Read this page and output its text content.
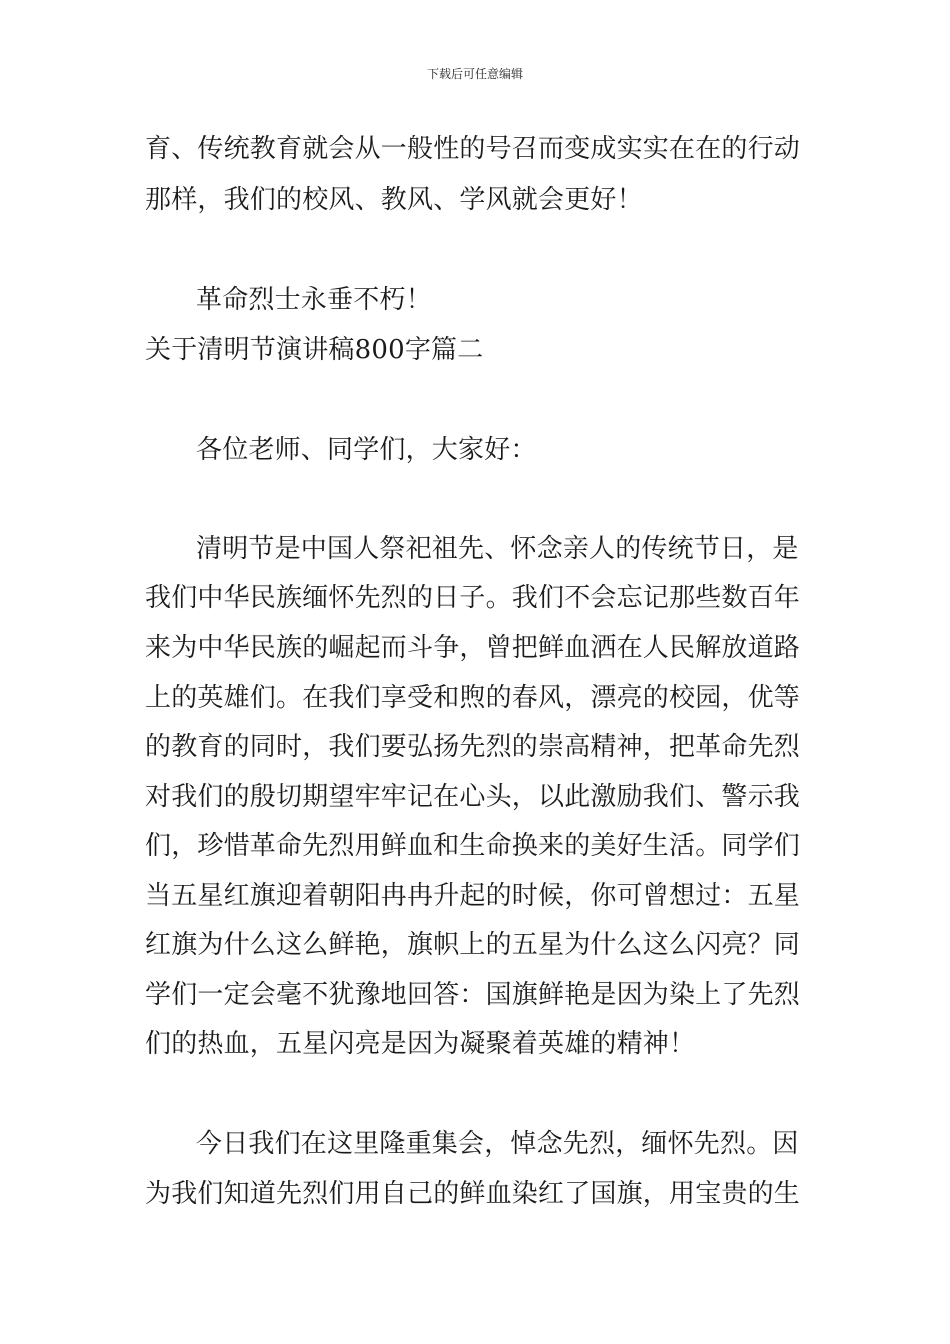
下载后可任意编辑
育、传统教育就会从一般性的号召而变成实实在在的行动
那样，我们的校风、教风、学风就会更好！
革命烈士永垂不朽！
关于清明节演讲稿800字篇二
各位老师、同学们，大家好：
清明节是中国人祭祀祖先、怀念亲人的传统节日，是
我们中华民族缅怀先烈的日子。我们不会忘记那些数百年
来为中华民族的崛起而斗争，曾把鲜血洒在人民解放道路
上的英雄们。在我们享受和煦的春风，漂亮的校园，优等
的教育的同时，我们要弘扬先烈的崇高精神，把革命先烈
对我们的殷切期望牢牢记在心头，以此激励我们、警示我
们，珍惜革命先烈用鲜血和生命换来的美好生活。同学们
当五星红旗迎着朝阳冉冉升起的时候，你可曾想过：五星
红旗为什么这么鲜艳，旗帜上的五星为什么这么闪亮？同
学们一定会毫不犹豫地回答：国旗鲜艳是因为染上了先烈
们的热血，五星闪亮是因为凝聚着英雄的精神！
今日我们在这里隆重集会，悼念先烈，缅怀先烈。因
为我们知道先烈们用自己的鲜血染红了国旗，用宝贵的生
